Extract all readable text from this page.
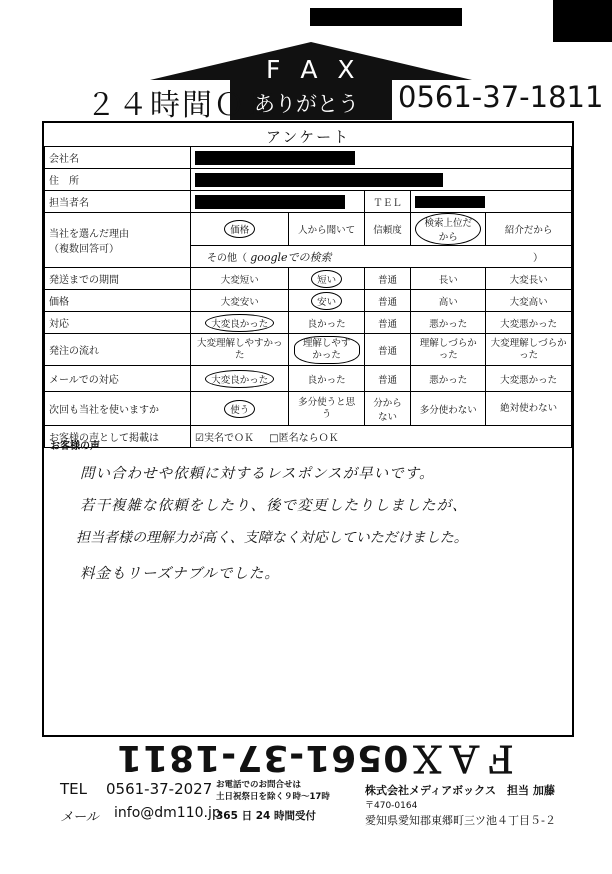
２４時間ＯＫ
F A X
ありがとう 0561-37-1811
アンケート
会社名					
住　所					
担当者名			ＴＥＬ		

当社を選んだ理由
（複数回答可）	価格	人から聞いて	信頼度	検索上位だから	紹介だから
	その他（ googleでの検索 ）				

発送までの期間	大変短い	短い	普通	長い	大変長い
価格	大変安い	安い	普通	高い	大変高い
対応	大変良かった	良かった	普通	悪かった	大変悪かった
発注の流れ	大変理解しやすかった	理解しやすかった	普通	理解しづらかった	大変理解しづらかった
メールでの対応	大変良かった	良かった	普通	悪かった	大変悪かった
次回も当社を使いますか	使う	多分使うと思う	分からない	多分使わない	絶対使わない
お客様の声として掲載は	☑実名でＯＫ □匿名ならＯＫ				
お客様の声
問い合わせや依頼に対するレスポンスが早いです。
若干複雑な依頼をしたり、後で変更したりしましたが、
担当者様の理解力が高く、支障なく対応していただけました。
料金もリーズナブルでした。
ＦＡＸ0561-37-1811
TEL 0561-37-2027 お電話でのお問合せは
土日祝祭日を除く９時～17時	株式会社メディアボックス　担当 加藤
〒470-0164
メール info@dm110.jp
365 日 24 時間受付	愛知県愛知郡東郷町三ツ池４丁目５-２
